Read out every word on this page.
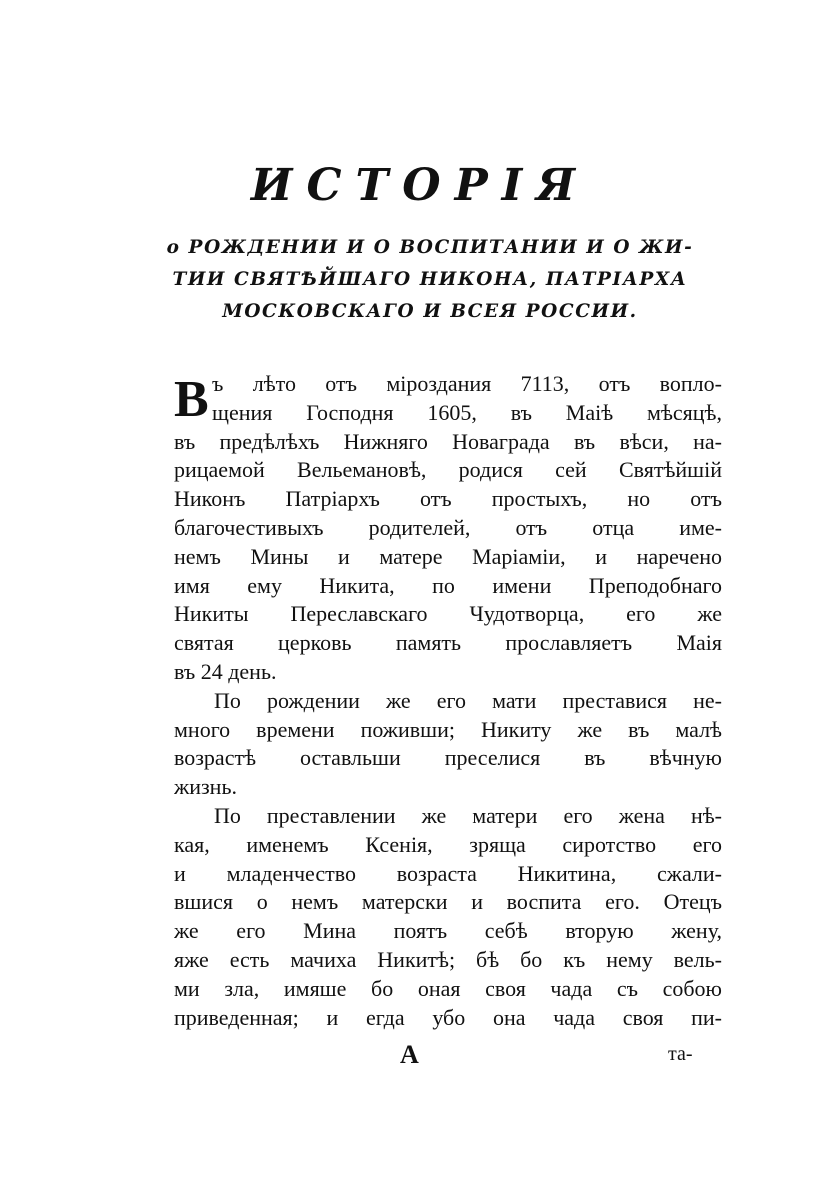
ИСТОРІЯ
о РОЖДЕНИИ И О ВОСПИТАНИИ И О ЖИ-
ТИИ СВЯТѢЙШАГО НИКОНА, ПАТРІАРХА
МОСКОВСКАГО И ВСЕЯ РОССИИ.
В ъ лѣто отъ міроздания 7113, отъ вопло-
щения Господня 1605, въ Маіѣ мѣсяцѣ,
въ предѣлѣхъ Нижняго Новаграда въ вѣси, на-
рицаемой Вельемановѣ, родися сей Святѣйшій
Никонъ Патріархъ отъ простыхъ, но отъ
благочестивыхъ родителей, отъ отца име-
немъ Мины и матере Маріаміи, и наречено
имя ему Никита, по имени Преподобнаго
Никиты Переславскаго Чудотворца, его же
святая церковь память прославляетъ Маія
въ 24 день.
По рождении же его мати преставися не-
много времени поживши; Никиту же въ малѣ
возрастѣ оставльши преселися въ вѣчную
жизнь.
По преставлении же матери его жена нѣ-
кая, именемъ Ксенія, зряща сиротство его
и младенчество возраста Никитина, сжали-
вшися о немъ матерски и воспита его. Отецъ
же его Мина поятъ себѣ вторую жену,
яже есть мачиха Никитѣ; бѣ бо къ нему вель-
ми зла, имяше бо оная своя чада съ собою
приведенная; и егда убо она чада своя пи-
А	та-
